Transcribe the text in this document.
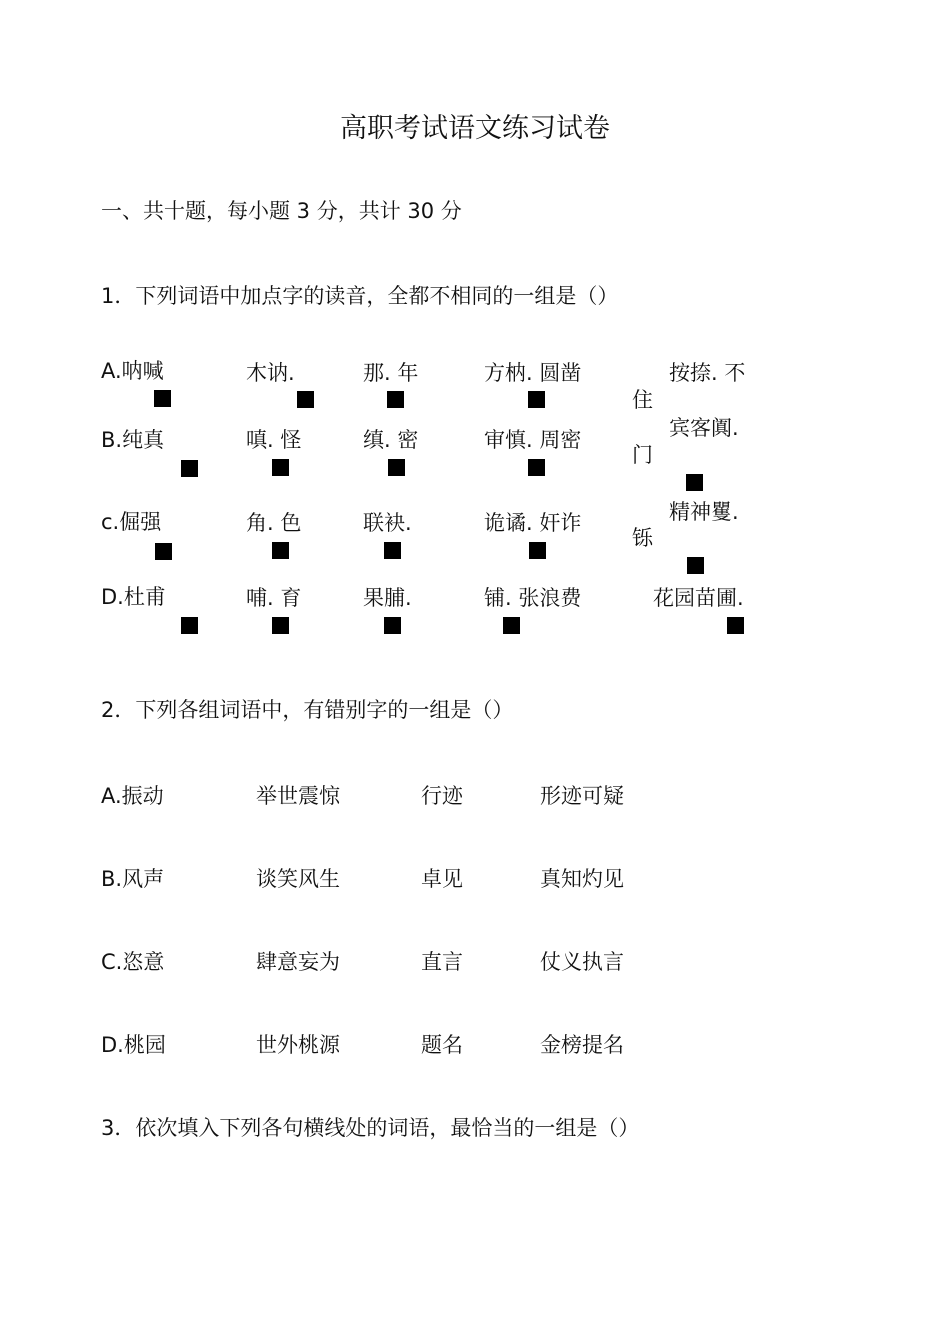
高职考试语文练习试卷
一、共十题，每小题 3 分，共计 30 分
1．下列词语中加点字的读音，全都不相同的一组是（）
A.呐喊	木讷.	那. 年	方枘. 圆凿	按捺. 不
住
B.纯真	嗔. 怪	缜. 密	审慎. 周密	宾客阗.
门
c.倔强	角. 色	联袂.	诡谲. 奸诈	精神矍.
铄
D.杜甫	哺. 育	果脯.	铺. 张浪费	花园苗圃.
2．下列各组词语中，有错别字的一组是（）
A.振动	举世震惊	行迹	形迹可疑
B.风声	谈笑风生	卓见	真知灼见
C.恣意	肆意妄为	直言	仗义执言
D.桃园	世外桃源	题名	金榜提名
3．依次填入下列各句横线处的词语，最恰当的一组是（）
